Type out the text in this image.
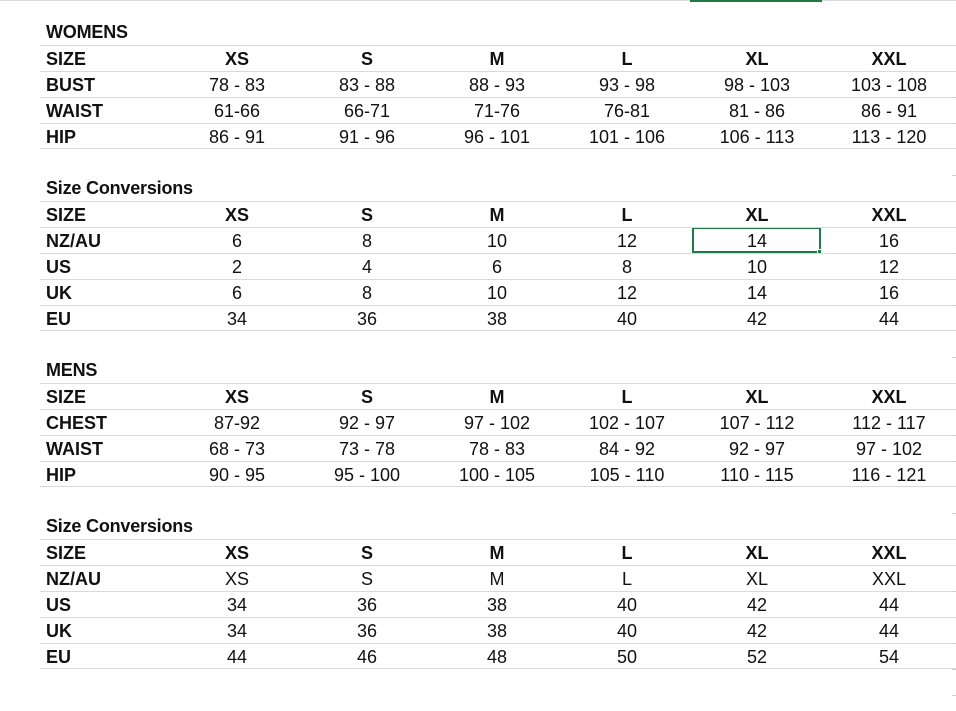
WOMENS
SIZE	XS	S	M	L	XL	XXL
BUST	78 - 83	83 - 88	88 - 93	93 - 98	98 - 103	103 - 108
WAIST	61-66	66-71	71-76	76-81	81 - 86	86 - 91
HIP	86 - 91	91 - 96	96 - 101	101 - 106	106 - 113	113 - 120
Size Conversions
SIZE	XS	S	M	L	XL	XXL
NZ/AU	6	8	10	12	14	16
US	2	4	6	8	10	12
UK	6	8	10	12	14	16
EU	34	36	38	40	42	44
MENS
SIZE	XS	S	M	L	XL	XXL
CHEST	87-92	92 - 97	97 - 102	102 - 107	107 - 112	112 - 117
WAIST	68 - 73	73 - 78	78 - 83	84 - 92	92 - 97	97 - 102
HIP	90 - 95	95 - 100	100 - 105	105 - 110	110 - 115	116 - 121
Size Conversions
SIZE	XS	S	M	L	XL	XXL
NZ/AU	XS	S	M	L	XL	XXL
US	34	36	38	40	42	44
UK	34	36	38	40	42	44
EU	44	46	48	50	52	54
